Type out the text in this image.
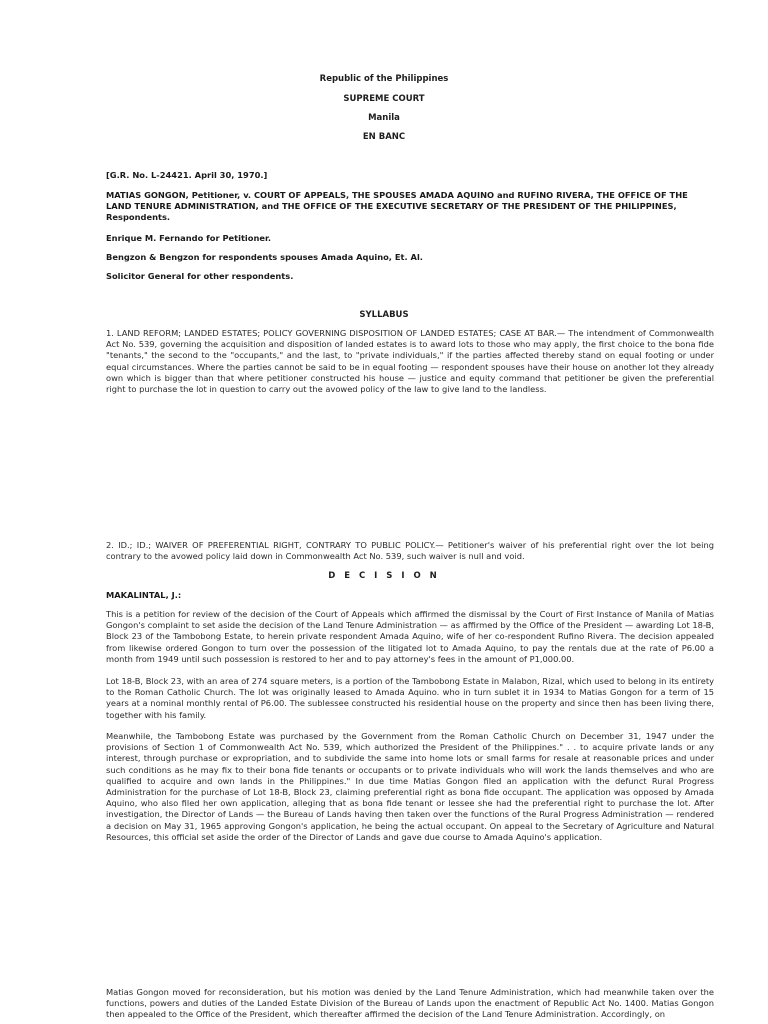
Republic of the Philippines
SUPREME COURT
Manila
EN BANC
[G.R. No. L-24421. April 30, 1970.]
MATIAS GONGON, Petitioner, v. COURT OF APPEALS, THE SPOUSES AMADA AQUINO and RUFINO RIVERA, THE OFFICE OF THE LAND TENURE ADMINISTRATION, and THE OFFICE OF THE EXECUTIVE SECRETARY OF THE PRESIDENT OF THE PHILIPPINES, Respondents.
Enrique M. Fernando for Petitioner.
Bengzon & Bengzon for respondents spouses Amada Aquino, Et. Al.
Solicitor General for other respondents.
SYLLABUS
1. LAND REFORM; LANDED ESTATES; POLICY GOVERNING DISPOSITION OF LANDED ESTATES; CASE AT BAR.— The intendment of Commonwealth Act No. 539, governing the acquisition and disposition of landed estates is to award lots to those who may apply, the first choice to the bona fide "tenants," the second to the "occupants," and the last, to "private individuals," if the parties affected thereby stand on equal footing or under equal circumstances. Where the parties cannot be said to be in equal footing — respondent spouses have their house on another lot they already own which is bigger than that where petitioner constructed his house — justice and equity command that petitioner be given the preferential right to purchase the lot in question to carry out the avowed policy of the law to give land to the landless.
2. ID.; ID.; WAIVER OF PREFERENTIAL RIGHT, CONTRARY TO PUBLIC POLICY.— Petitioner's waiver of his preferential right over the lot being contrary to the avowed policy laid down in Commonwealth Act No. 539, such waiver is null and void.
D E C I S I O N
MAKALINTAL, J.:
This is a petition for review of the decision of the Court of Appeals which affirmed the dismissal by the Court of First Instance of Manila of Matias Gongon's complaint to set aside the decision of the Land Tenure Administration — as affirmed by the Office of the President — awarding Lot 18-B, Block 23 of the Tambobong Estate, to herein private respondent Amada Aquino, wife of her co-respondent Rufino Rivera. The decision appealed from likewise ordered Gongon to turn over the possession of the litigated lot to Amada Aquino, to pay the rentals due at the rate of P6.00 a month from 1949 until such possession is restored to her and to pay attorney's fees in the amount of P1,000.00.
Lot 18-B, Block 23, with an area of 274 square meters, is a portion of the Tambobong Estate in Malabon, Rizal, which used to belong in its entirety to the Roman Catholic Church. The lot was originally leased to Amada Aquino. who in turn sublet it in 1934 to Matias Gongon for a term of 15 years at a nominal monthly rental of P6.00. The sublessee constructed his residential house on the property and since then has been living there, together with his family.
Meanwhile, the Tambobong Estate was purchased by the Government from the Roman Catholic Church on December 31, 1947 under the provisions of Section 1 of Commonwealth Act No. 539, which authorized the President of the Philippines." . . to acquire private lands or any interest, through purchase or expropriation, and to subdivide the same into home lots or small farms for resale at reasonable prices and under such conditions as he may fix to their bona fide tenants or occupants or to private individuals who will work the lands themselves and who are qualified to acquire and own lands in the Philippines." In due time Matias Gongon filed an application with the defunct Rural Progress Administration for the purchase of Lot 18-B, Block 23, claiming preferential right as bona fide occupant. The application was opposed by Amada Aquino, who also filed her own application, alleging that as bona fide tenant or lessee she had the preferential right to purchase the lot. After investigation, the Director of Lands — the Bureau of Lands having then taken over the functions of the Rural Progress Administration — rendered a decision on May 31, 1965 approving Gongon's application, he being the actual occupant. On appeal to the Secretary of Agriculture and Natural Resources, this official set aside the order of the Director of Lands and gave due course to Amada Aquino's application.
Matias Gongon moved for reconsideration, but his motion was denied by the Land Tenure Administration, which had meanwhile taken over the functions, powers and duties of the Landed Estate Division of the Bureau of Lands upon the enactment of Republic Act No. 1400. Matias Gongon then appealed to the Office of the President, which thereafter affirmed the decision of the Land Tenure Administration. Accordingly, on
